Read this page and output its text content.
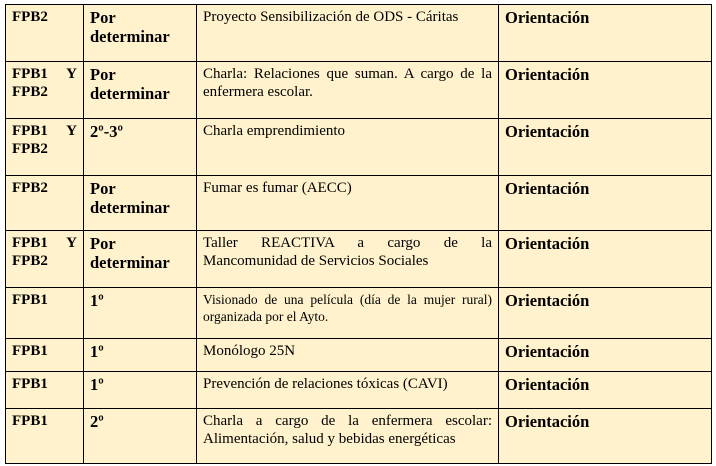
FPB2	Por determinar	Proyecto Sensibilización de ODS - Cáritas	Orientación

FPB1 Y FPB2	Por determinar	Charla: Relaciones que suman. A cargo de la enfermera escolar.	Orientación

FPB1 Y FPB2	2º-3º	Charla emprendimiento	Orientación

FPB2	Por determinar	Fumar es fumar (AECC)	Orientación

FPB1 Y FPB2	Por determinar	Taller REACTIVA a cargo de la Mancomunidad de Servicios Sociales	Orientación

FPB1	1º	Visionado de una película (día de la mujer rural) organizada por el Ayto.	Orientación

FPB1	1º	Monólogo 25N	Orientación

FPB1	1º	Prevención de relaciones tóxicas (CAVI)	Orientación

FPB1	2º	Charla a cargo de la enfermera escolar: Alimentación, salud y bebidas energéticas	Orientación
